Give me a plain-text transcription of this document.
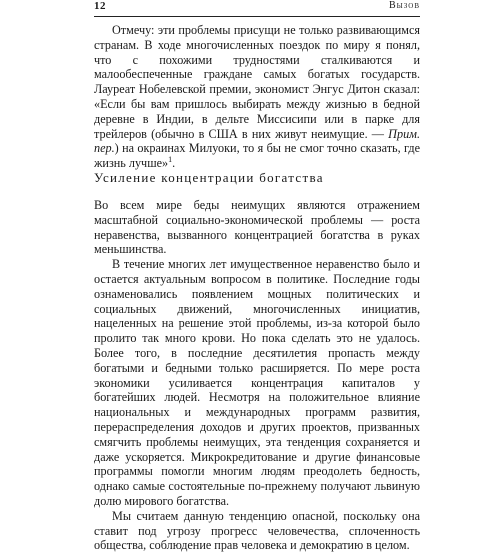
12	Вызов

Отмечу: эти проблемы присущи не только развивающимся странам. В ходе многочисленных поездок по миру я понял, что с похожими трудностями сталкиваются и малообеспеченные граждане самых богатых государств. Лауреат Нобелевской премии, экономист Энгус Дитон сказал: «Если бы вам пришлось выбирать между жизнью в бедной деревне в Индии, в дельте Миссисипи или в парке для трейлеров (обычно в США в них живут неимущие. — Прим. пер.) на окраинах Милуоки, то я бы не смог точно сказать, где жизнь лучше»$^1$.

Усиление концентрации богатства

Во всем мире беды неимущих являются отражением масштабной социально-экономической проблемы — роста неравенства, вызванного концентрацией богатства в руках меньшинства.

В течение многих лет имущественное неравенство было и остается актуальным вопросом в политике. Последние годы ознаменовались появлением мощных политических и социальных движений, многочисленных инициатив, нацеленных на решение этой проблемы, из-за которой было пролито так много крови. Но пока сделать это не удалось. Более того, в последние десятилетия пропасть между богатыми и бедными только расширяется. По мере роста экономики усиливается концентрация капиталов у богатейших людей. Несмотря на положительное влияние национальных и международных программ развития, перераспределения доходов и других проектов, призванных смягчить проблемы неимущих, эта тенденция сохраняется и даже ускоряется. Микрокредитование и другие финансовые программы помогли многим людям преодолеть бедность, однако самые состоятельные по-прежнему получают львиную долю мирового богатства.

Мы считаем данную тенденцию опасной, поскольку она ставит под угрозу прогресс человечества, сплоченность общества, соблюдение прав человека и демократию в целом.
